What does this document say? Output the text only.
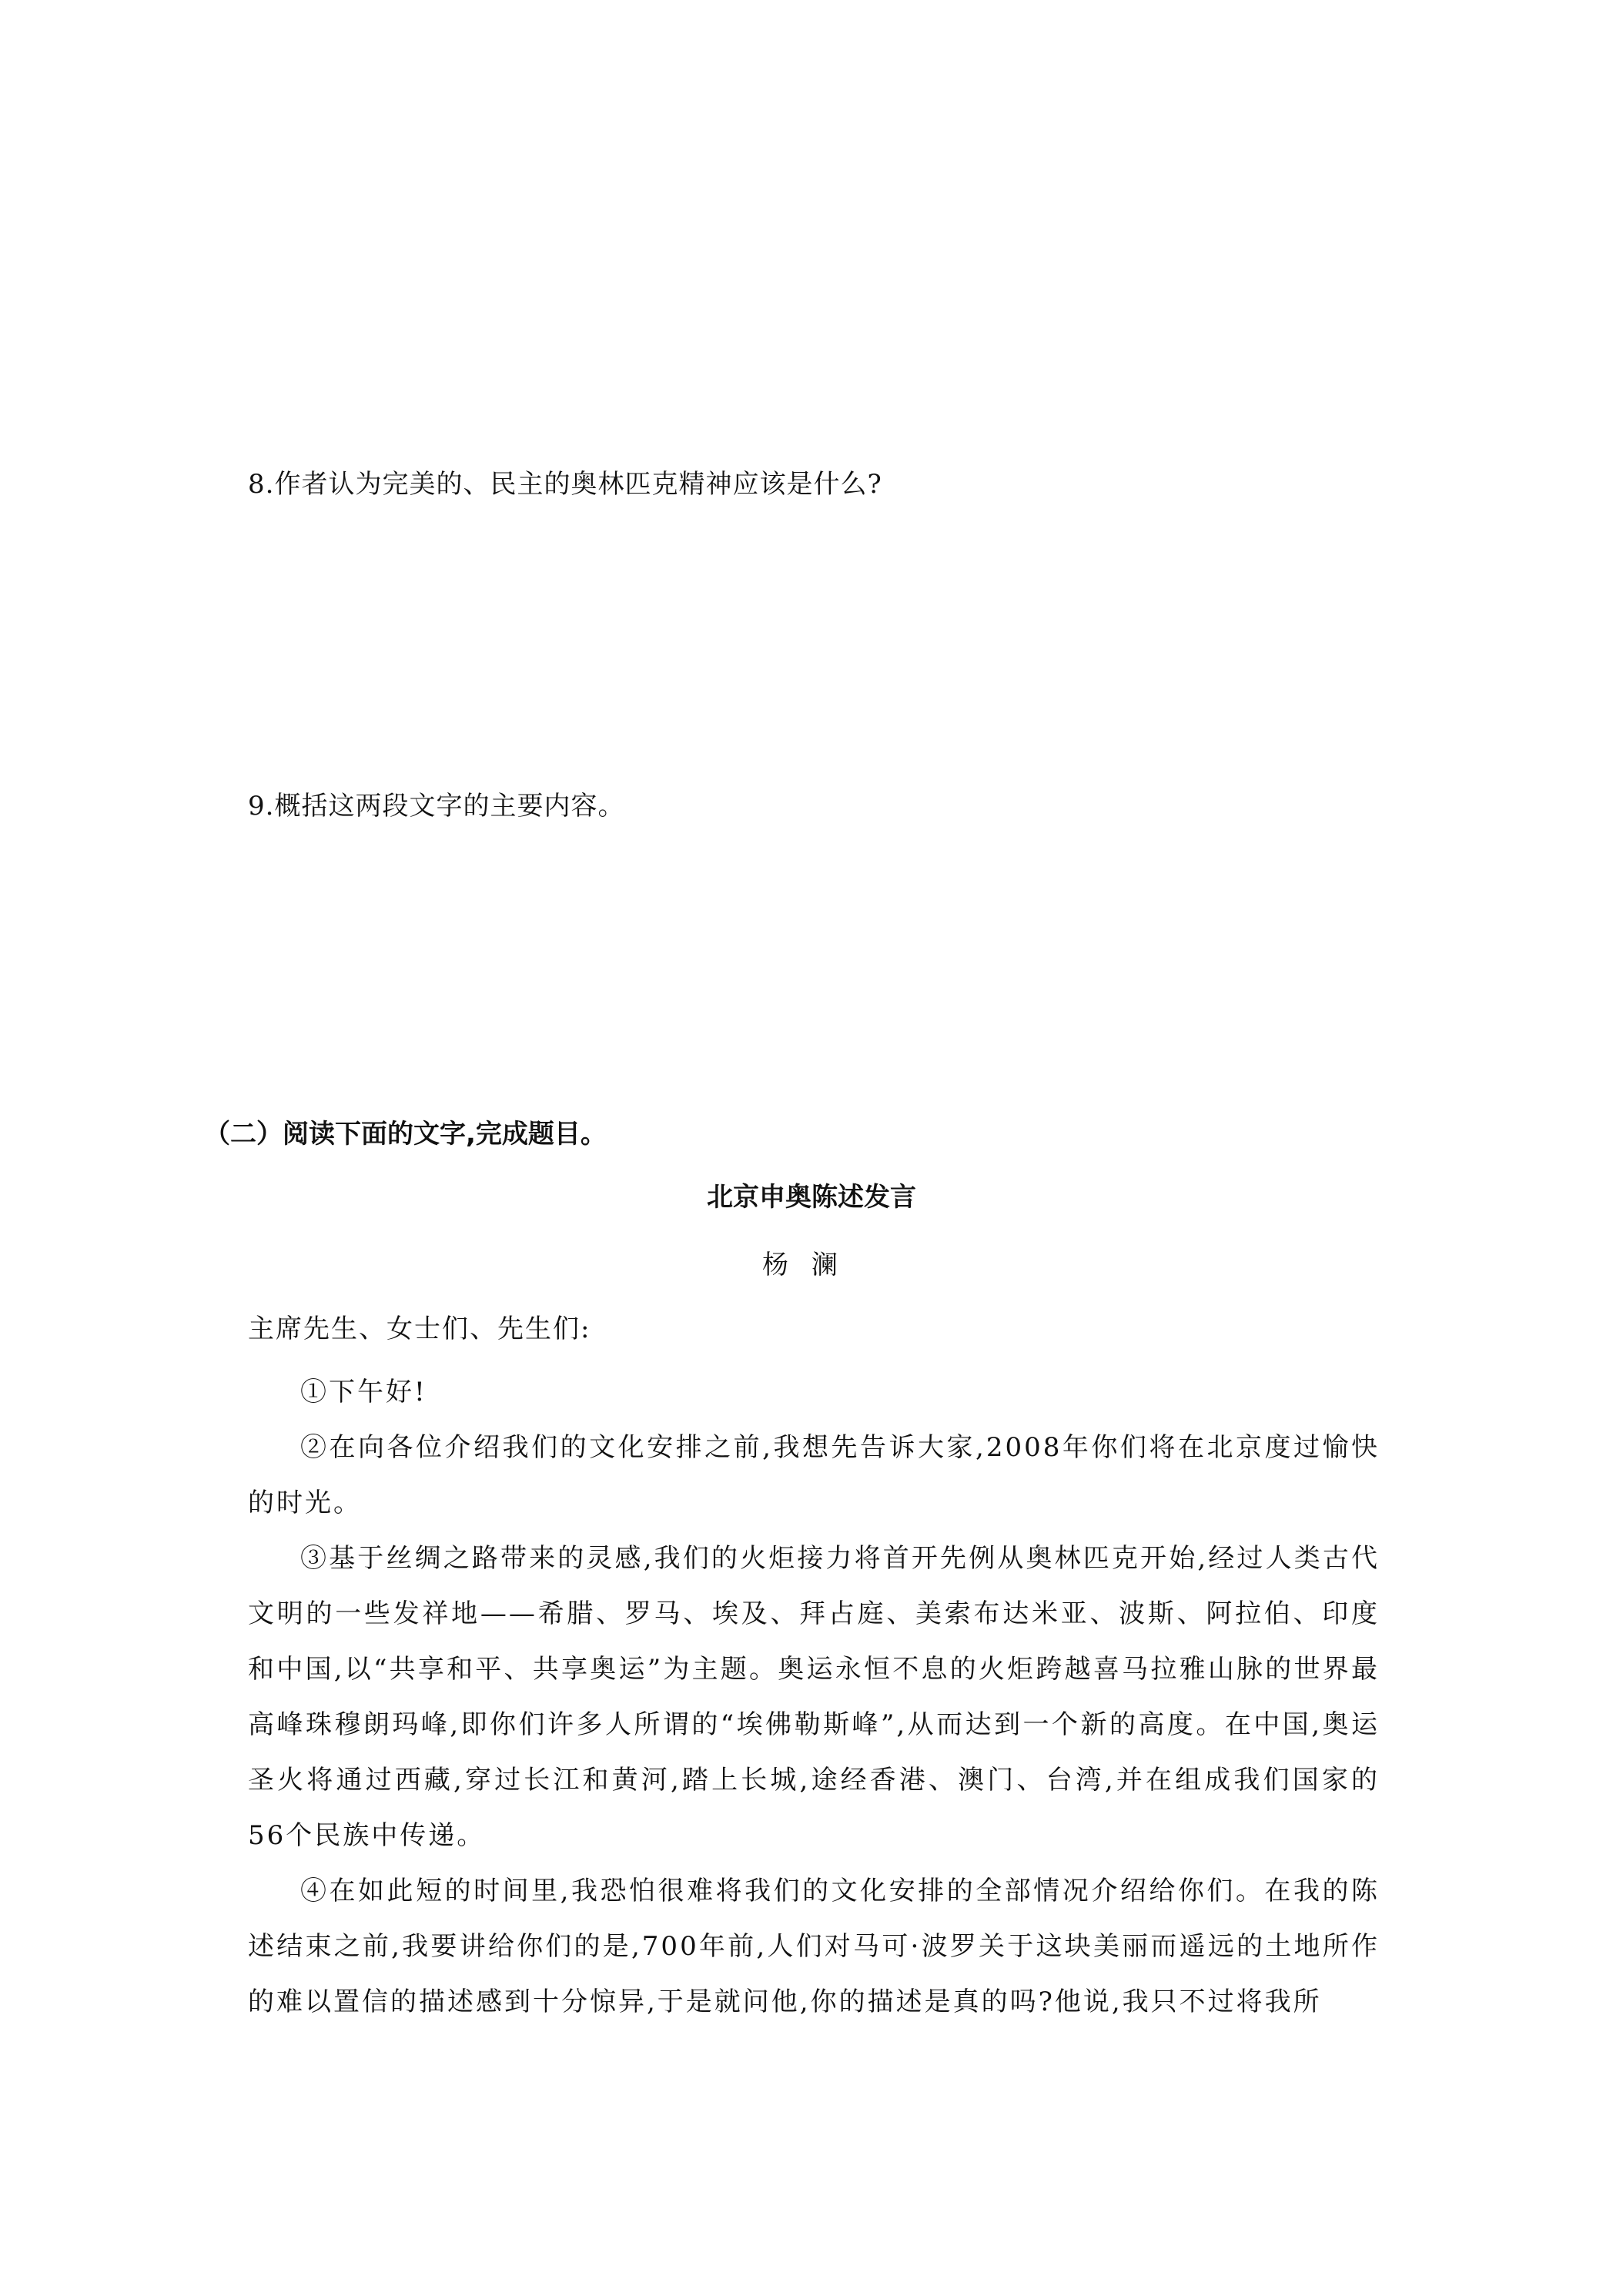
8.作者认为完美的、民主的奥林匹克精神应该是什么?
9.概括这两段文字的主要内容。
（二）阅读下面的文字,完成题目。
北京申奥陈述发言
杨澜
主席先生、女士们、先生们:

①下午好!

②在向各位介绍我们的文化安排之前,我想先告诉大家,2008年你们将在北京度过愉快的时光。

③基于丝绸之路带来的灵感,我们的火炬接力将首开先例从奥林匹克开始,经过人类古代文明的一些发祥地——希腊、罗马、埃及、拜占庭、美索布达米亚、波斯、阿拉伯、印度和中国,以“共享和平、共享奥运”为主题。奥运永恒不息的火炬跨越喜马拉雅山脉的世界最高峰珠穆朗玛峰,即你们许多人所谓的“埃佛勒斯峰”,从而达到一个新的高度。在中国,奥运圣火将通过西藏,穿过长江和黄河,踏上长城,途经香港、澳门、台湾,并在组成我们国家的56个民族中传递。

④在如此短的时间里,我恐怕很难将我们的文化安排的全部情况介绍给你们。在我的陈述结束之前,我要讲给你们的是,700年前,人们对马可·波罗关于这块美丽而遥远的土地所作的难以置信的描述感到十分惊异,于是就问他,你的描述是真的吗?他说,我只不过将我所
